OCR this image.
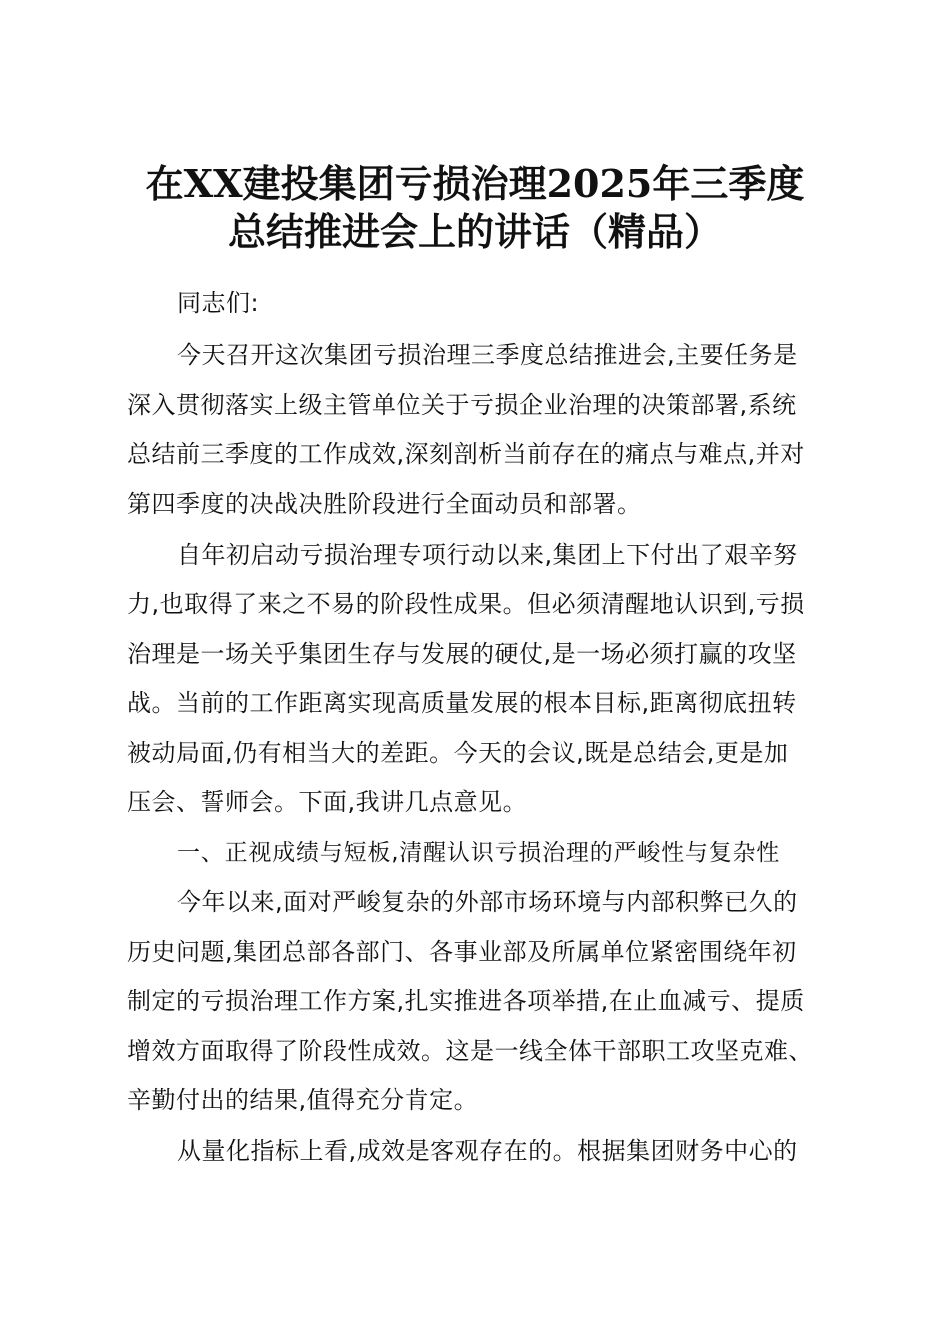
在XX建投集团亏损治理2025年三季度
总结推进会上的讲话（精品）
同志们:
今天召开这次集团亏损治理三季度总结推进会,主要任务是
深入贯彻落实上级主管单位关于亏损企业治理的决策部署,系统
总结前三季度的工作成效,深刻剖析当前存在的痛点与难点,并对
第四季度的决战决胜阶段进行全面动员和部署。
自年初启动亏损治理专项行动以来,集团上下付出了艰辛努
力,也取得了来之不易的阶段性成果。但必须清醒地认识到,亏损
治理是一场关乎集团生存与发展的硬仗,是一场必须打赢的攻坚
战。当前的工作距离实现高质量发展的根本目标,距离彻底扭转
被动局面,仍有相当大的差距。今天的会议,既是总结会,更是加
压会、誓师会。下面,我讲几点意见。
一、正视成绩与短板,清醒认识亏损治理的严峻性与复杂性
今年以来,面对严峻复杂的外部市场环境与内部积弊已久的
历史问题,集团总部各部门、各事业部及所属单位紧密围绕年初
制定的亏损治理工作方案,扎实推进各项举措,在止血减亏、提质
增效方面取得了阶段性成效。这是一线全体干部职工攻坚克难、
辛勤付出的结果,值得充分肯定。
从量化指标上看,成效是客观存在的。根据集团财务中心的
